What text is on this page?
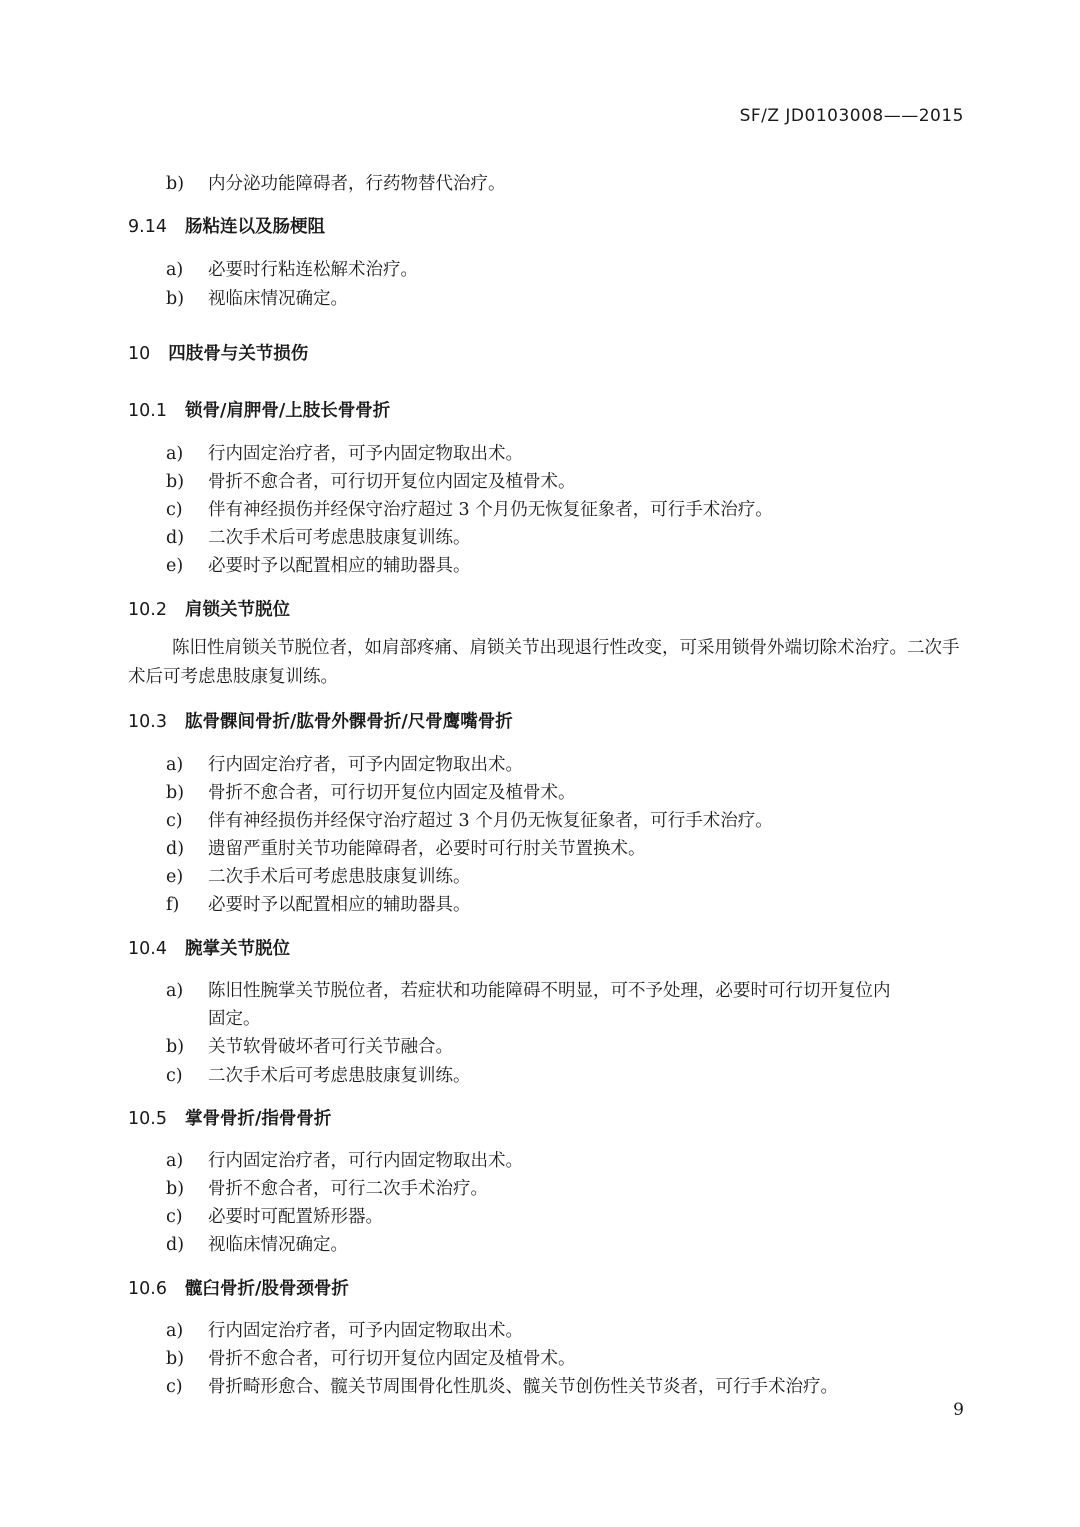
SF/Z JD0103008——2015
b) 内分泌功能障碍者，行药物替代治疗。
9.14 肠粘连以及肠梗阻
a) 必要时行粘连松解术治疗。
b) 视临床情况确定。
10 四肢骨与关节损伤
10.1 锁骨/肩胛骨/上肢长骨骨折
a) 行内固定治疗者，可予内固定物取出术。
b) 骨折不愈合者，可行切开复位内固定及植骨术。
c) 伴有神经损伤并经保守治疗超过 3 个月仍无恢复征象者，可行手术治疗。
d) 二次手术后可考虑患肢康复训练。
e) 必要时予以配置相应的辅助器具。
10.2 肩锁关节脱位
陈旧性肩锁关节脱位者，如肩部疼痛、肩锁关节出现退行性改变，可采用锁骨外端切除术治疗。二次手术后可考虑患肢康复训练。
10.3 肱骨髁间骨折/肱骨外髁骨折/尺骨鹰嘴骨折
a) 行内固定治疗者，可予内固定物取出术。
b) 骨折不愈合者，可行切开复位内固定及植骨术。
c) 伴有神经损伤并经保守治疗超过 3 个月仍无恢复征象者，可行手术治疗。
d) 遗留严重肘关节功能障碍者，必要时可行肘关节置换术。
e) 二次手术后可考虑患肢康复训练。
f) 必要时予以配置相应的辅助器具。
10.4 腕掌关节脱位
a) 陈旧性腕掌关节脱位者，若症状和功能障碍不明显，可不予处理，必要时可行切开复位内
固定。
b) 关节软骨破坏者可行关节融合。
c) 二次手术后可考虑患肢康复训练。
10.5 掌骨骨折/指骨骨折
a) 行内固定治疗者，可行内固定物取出术。
b) 骨折不愈合者，可行二次手术治疗。
c) 必要时可配置矫形器。
d) 视临床情况确定。
10.6 髋臼骨折/股骨颈骨折
a) 行内固定治疗者，可予内固定物取出术。
b) 骨折不愈合者，可行切开复位内固定及植骨术。
c) 骨折畸形愈合、髋关节周围骨化性肌炎、髋关节创伤性关节炎者，可行手术治疗。
9
